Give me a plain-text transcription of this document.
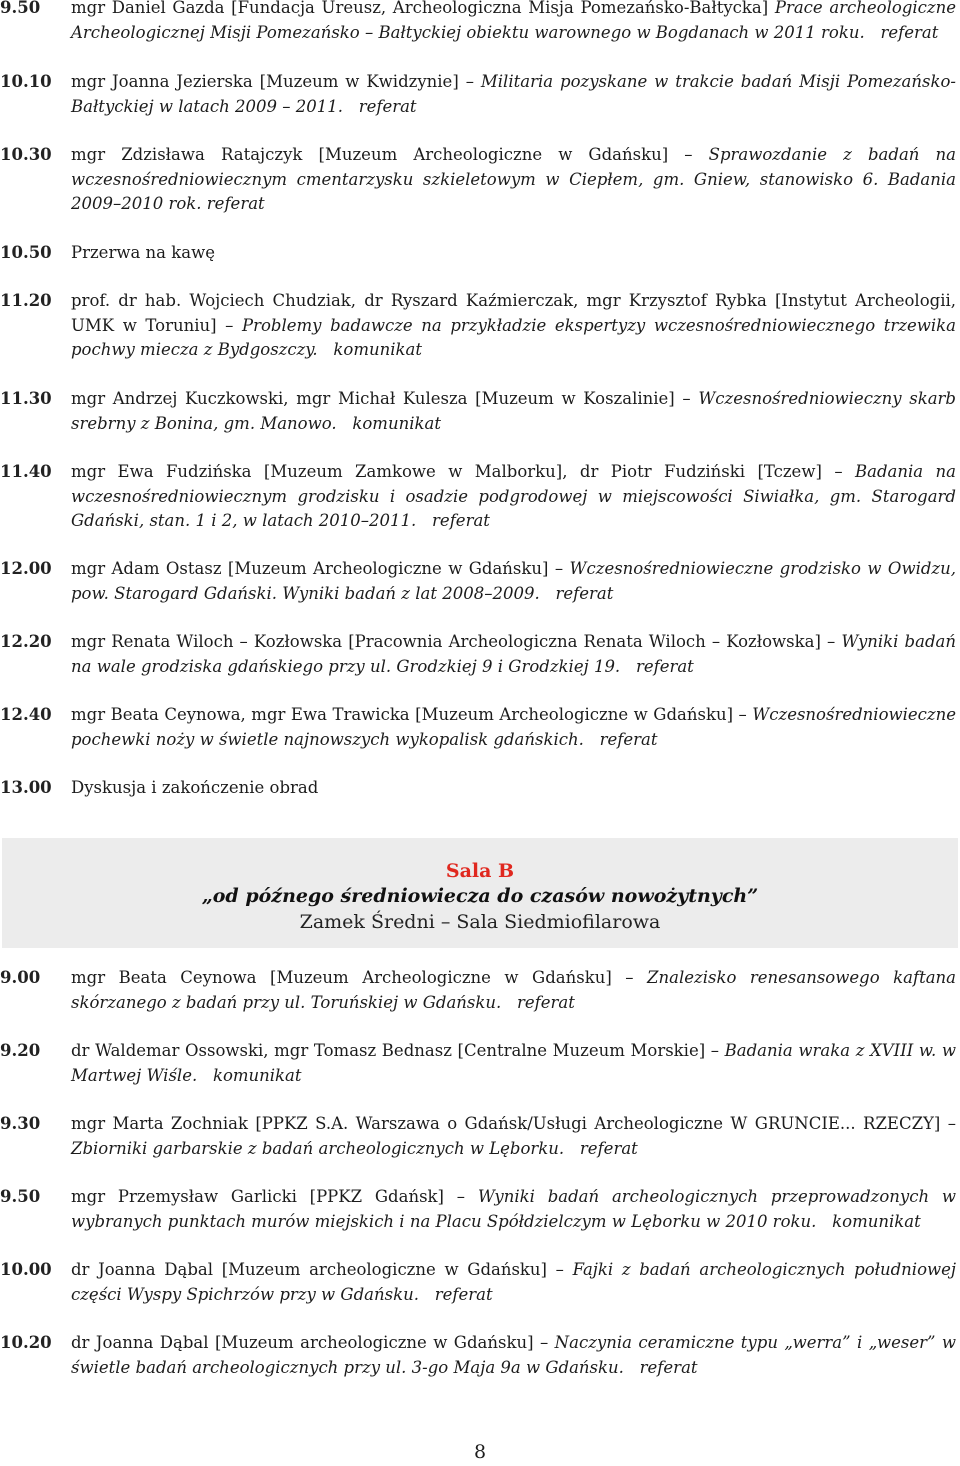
9.50	mgr Daniel Gazda [Fundacja Ureusz, Archeologiczna Misja Pomezańsko-Bałtycka] Prace archeologiczne Archeologicznej Misji Pomezańsko – Bałtyckiej obiektu warownego w Bogdanach w 2011 roku. referat
10.10	mgr Joanna Jezierska [Muzeum w Kwidzynie] – Militaria pozyskane w trakcie badań Misji Pomezańsko-Bałtyckiej w latach 2009 – 2011. referat
10.30	mgr Zdzisława Ratajczyk [Muzeum Archeologiczne w Gdańsku] – Sprawozdanie z badań na wczesnośredniowiecznym cmentarzysku szkieletowym w Ciepłem, gm. Gniew, stanowisko 6. Badania 2009–2010 rok. referat
10.50	Przerwa na kawę
11.20	prof. dr hab. Wojciech Chudziak, dr Ryszard Kaźmierczak, mgr Krzysztof Rybka [Instytut Archeologii, UMK w Toruniu] – Problemy badawcze na przykładzie ekspertyzy wczesnośredniowiecznego trzewika pochwy miecza z Bydgoszczy. komunikat
11.30	mgr Andrzej Kuczkowski, mgr Michał Kulesza [Muzeum w Koszalinie] – Wczesnośredniowieczny skarb srebrny z Bonina, gm. Manowo. komunikat
11.40	mgr Ewa Fudzińska [Muzeum Zamkowe w Malborku], dr Piotr Fudziński [Tczew] – Badania na wczesnośredniowiecznym grodzisku i osadzie podgrodowej w miejscowości Siwiałka, gm. Starogard Gdański, stan. 1 i 2, w latach 2010–2011. referat
12.00	mgr Adam Ostasz [Muzeum Archeologiczne w Gdańsku] – Wczesnośredniowieczne grodzisko w Owidzu, pow. Starogard Gdański. Wyniki badań z lat 2008–2009. referat
12.20	mgr Renata Wiloch – Kozłowska [Pracownia Archeologiczna Renata Wiloch – Kozłowska] – Wyniki badań na wale grodziska gdańskiego przy ul. Grodzkiej 9 i Grodzkiej 19. referat
12.40	mgr Beata Ceynowa, mgr Ewa Trawicka [Muzeum Archeologiczne w Gdańsku] – Wczesnośredniowieczne pochewki noży w świetle najnowszych wykopalisk gdańskich. referat
13.00	Dyskusja i zakończenie obrad
Sala B
„od późnego średniowiecza do czasów nowożytnych”
Zamek Średni – Sala Siedmiofilarowa
9.00	mgr Beata Ceynowa [Muzeum Archeologiczne w Gdańsku] – Znalezisko renesansowego kaftana skórzanego z badań przy ul. Toruńskiej w Gdańsku. referat
9.20	dr Waldemar Ossowski, mgr Tomasz Bednasz [Centralne Muzeum Morskie] – Badania wraka z XVIII w. w Martwej Wiśle. komunikat
9.30	mgr Marta Zochniak [PPKZ S.A. Warszawa o Gdańsk/Usługi Archeologiczne W GRUNCIE... RZECZY] – Zbiorniki garbarskie z badań archeologicznych w Lęborku. referat
9.50	mgr Przemysław Garlicki [PPKZ Gdańsk] – Wyniki badań archeologicznych przeprowadzonych w wybranych punktach murów miejskich i na Placu Spółdzielczym w Lęborku w 2010 roku. komunikat
10.00	dr Joanna Dąbal [Muzeum archeologiczne w Gdańsku] – Fajki z badań archeologicznych południowej części Wyspy Spichrzów przy w Gdańsku. referat
10.20	dr Joanna Dąbal [Muzeum archeologiczne w Gdańsku] – Naczynia ceramiczne typu „werra” i „weser” w świetle badań archeologicznych przy ul. 3-go Maja 9a w Gdańsku. referat
8
